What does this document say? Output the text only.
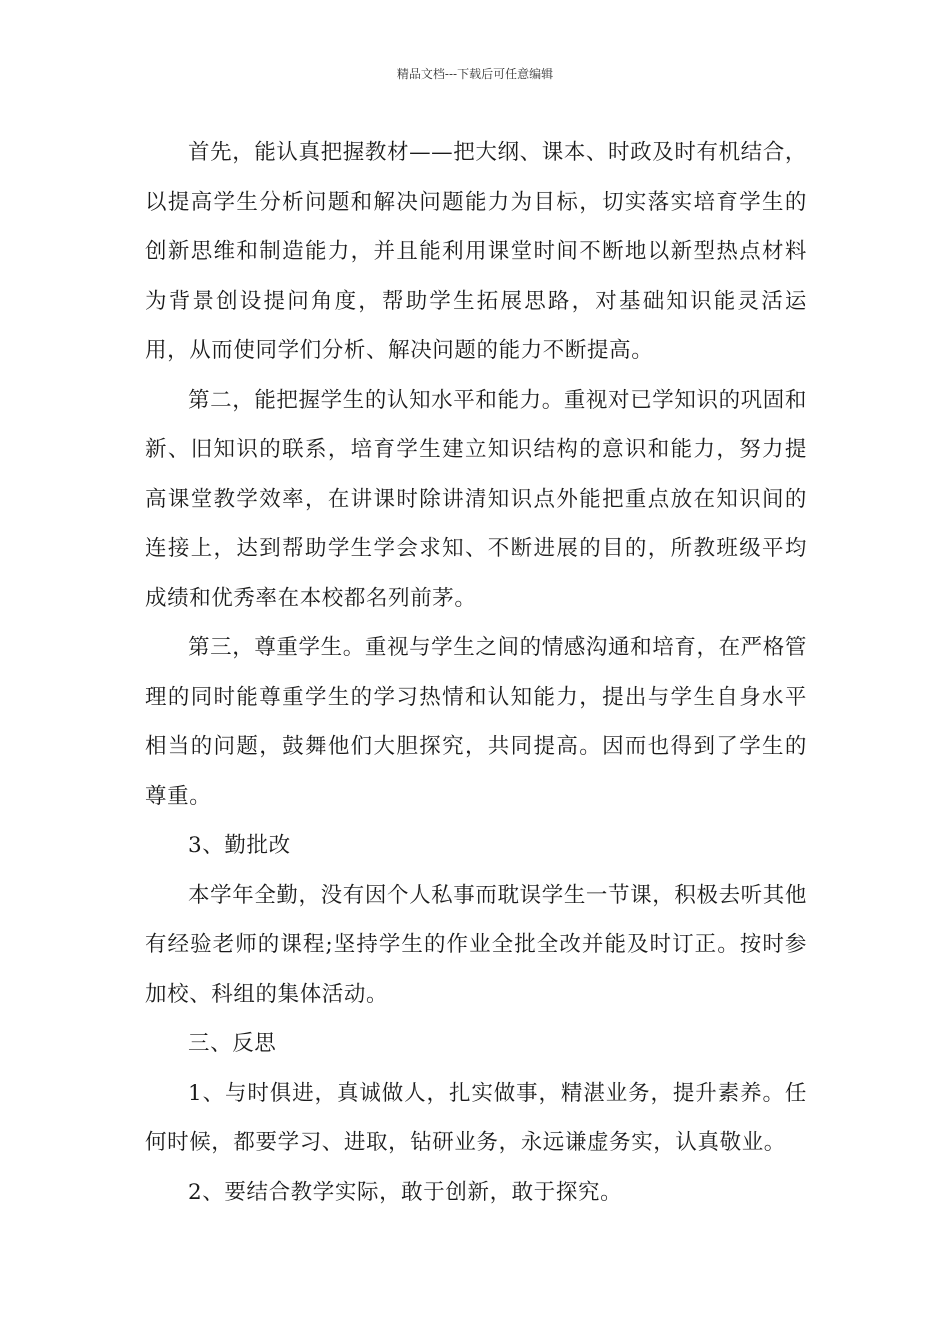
精品文档---下载后可任意编辑

首先，能认真把握教材——把大纲、课本、时政及时有机结合，以提高学生分析问题和解决问题能力为目标，切实落实培育学生的创新思维和制造能力，并且能利用课堂时间不断地以新型热点材料为背景创设提问角度，帮助学生拓展思路，对基础知识能灵活运用，从而使同学们分析、解决问题的能力不断提高。

第二，能把握学生的认知水平和能力。重视对已学知识的巩固和新、旧知识的联系，培育学生建立知识结构的意识和能力，努力提高课堂教学效率，在讲课时除讲清知识点外能把重点放在知识间的连接上，达到帮助学生学会求知、不断进展的目的，所教班级平均成绩和优秀率在本校都名列前茅。

第三，尊重学生。重视与学生之间的情感沟通和培育，在严格管理的同时能尊重学生的学习热情和认知能力，提出与学生自身水平相当的问题，鼓舞他们大胆探究，共同提高。因而也得到了学生的尊重。

3、勤批改

本学年全勤，没有因个人私事而耽误学生一节课，积极去听其他有经验老师的课程;坚持学生的作业全批全改并能及时订正。按时参加校、科组的集体活动。

三、反思

1、与时俱进，真诚做人，扎实做事，精湛业务，提升素养。任何时候，都要学习、进取，钻研业务，永远谦虚务实，认真敬业。

2、要结合教学实际，敢于创新，敢于探究。
